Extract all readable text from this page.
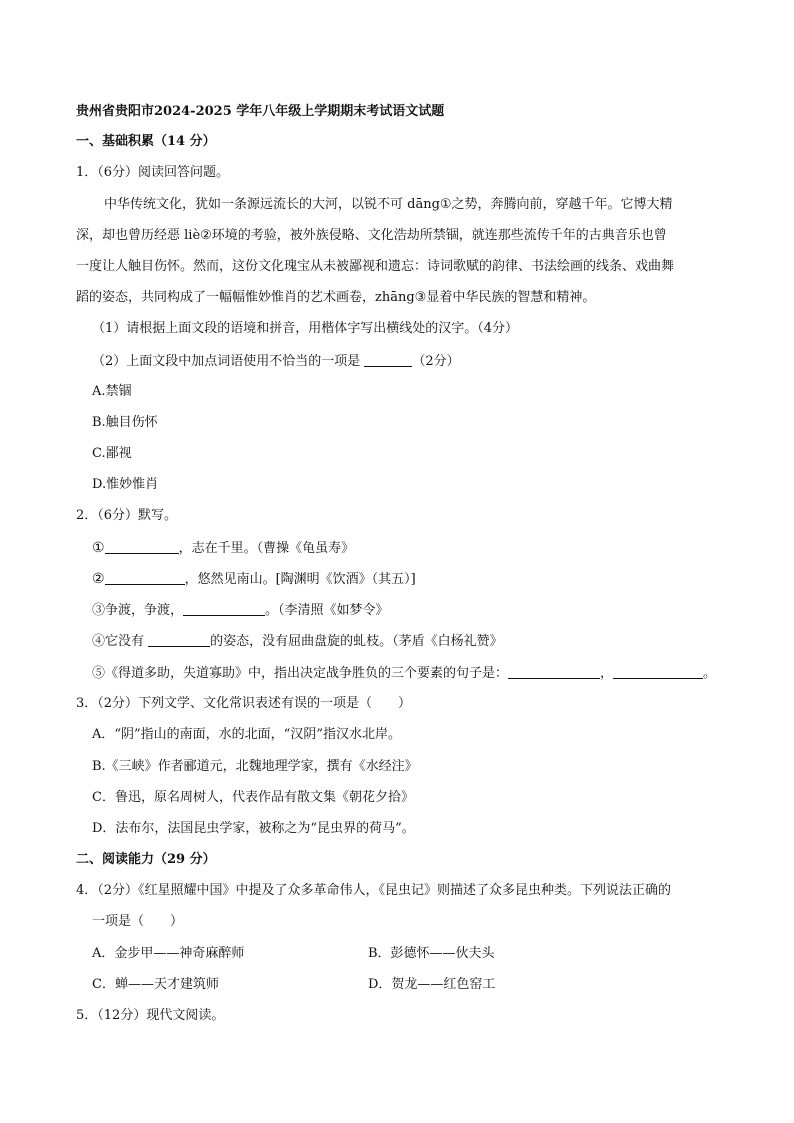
贵州省贵阳市2024-2025 学年八年级上学期期末考试语文试题
一、基础积累（14 分）
1．（6分）阅读回答问题。
中华传统文化，犹如一条源远流长的大河，以锐不可 dāng①之势，奔腾向前，穿越千年。它博大精
深，却也曾历经惡 liè②环境的考验，被外族侵略、文化浩劫所禁锢，就连那些流传千年的古典音乐也曾
一度让人触目伤怀。然而，这份文化瑰宝从未被鄙视和遗忘：诗词歌赋的韵律、书法绘画的线条、戏曲舞
蹈的姿态，共同构成了一幅幅惟妙惟肖的艺术画卷，zhāng③显着中华民族的智慧和精神。
（1）请根据上面文段的语境和拼音，用楷体字写出横线处的汉字。（4分）
（2）上面文段中加点词语使用不恰当的一项是	（2分）
A.禁锢
B.触目伤怀
C.鄙视
D.惟妙惟肖
2．（6分）默写。
①	，志在千里。（曹操《龟虽寿》
②	，悠然见南山。[陶渊明《饮酒》（其五）]
③争渡，争渡，	。（李清照《如梦令》
④它没有	的姿态，没有屈曲盘旋的虬枝。（茅盾《白杨礼赞》
⑤《得道多助，失道寡助》中，指出决定战争胜负的三个要素的句子是：	，	。
3．（2分）下列文学、文化常识表述有误的一项是（　　）
A．“阴”指山的南面，水的北面，“汉阴”指汉水北岸。
B.《三峡》作者郦道元，北魏地理学家，撰有《水经注》
C．鲁迅，原名周树人，代表作品有散文集《朝花夕拾》
D．法布尔，法国昆虫学家，被称之为“昆虫界的荷马”。
二、阅读能力（29 分）
4．（2分）《红星照耀中国》中提及了众多革命伟人，《昆虫记》则描述了众多昆虫种类。下列说法正确的
一项是（　　）
A．金步甲——神奇麻醉师	B．彭德怀——伙夫头
C．蝉——天才建筑师	D．贺龙——红色窑工
5．（12分）现代文阅读。
